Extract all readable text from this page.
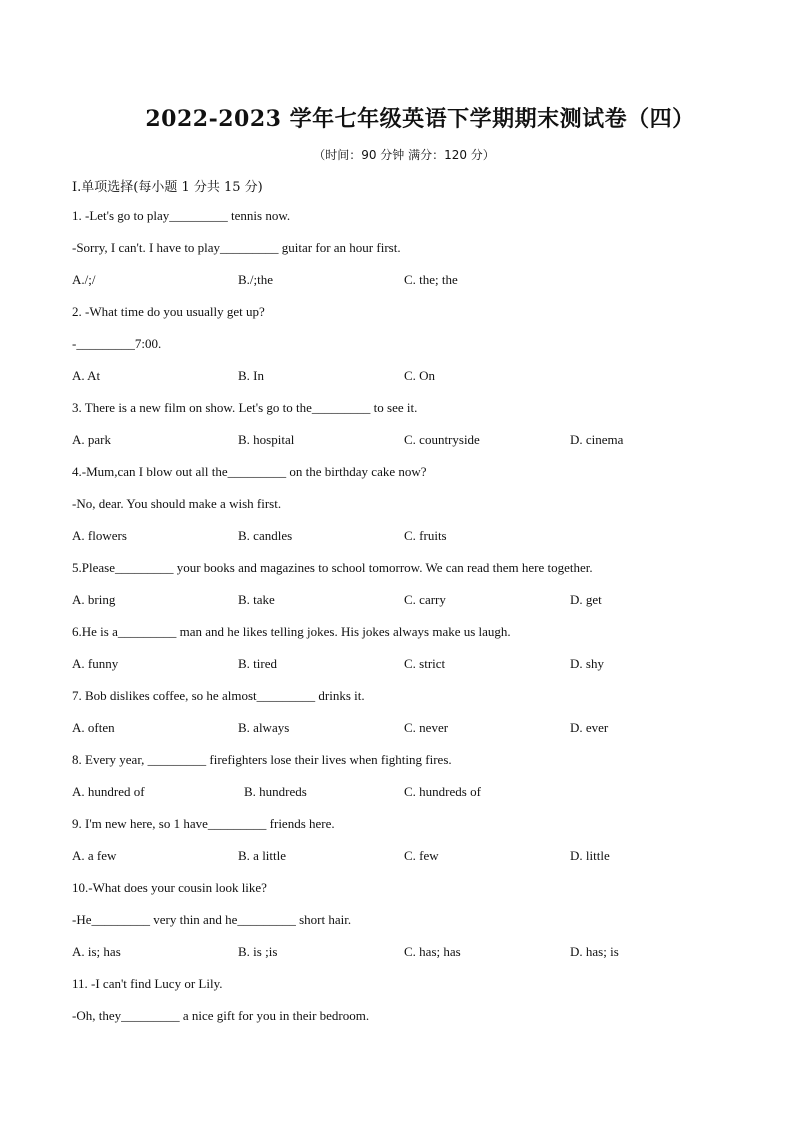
2022-2023 学年七年级英语下学期期末测试卷（四）
（时间：90 分钟 满分：120 分）
I.单项选择(每小题 1 分共 15 分)
1. -Let's go to play_________ tennis now.
-Sorry, I can't. I have to play_________ guitar for an hour first.
A./;/	B./;the	C. the; the
2. -What time do you usually get up?
-_________7:00.
A. At	B. In	C. On
3. There is a new film on show. Let's go to the_________ to see it.
A. park	B. hospital	C. countryside	D. cinema
4.-Mum,can I blow out all the_________ on the birthday cake now?
-No, dear. You should make a wish first.
A. flowers	B. candles	C. fruits
5.Please_________ your books and magazines to school tomorrow. We can read them here together.
A. bring	B. take	C. carry	D. get
6.He is a_________ man and he likes telling jokes. His jokes always make us laugh.
A. funny	B. tired	C. strict	D. shy
7. Bob dislikes coffee, so he almost_________ drinks it.
A. often	B. always	C. never	D. ever
8. Every year, _________ firefighters lose their lives when fighting fires.
A. hundred of	B. hundreds	C. hundreds of
9. I'm new here, so 1 have_________ friends here.
A. a few	B. a little	C. few	D. little
10.-What does your cousin look like?
-He_________ very thin and he_________ short hair.
A. is; has	B. is ;is	C. has; has	D. has; is
11. -I can't find Lucy or Lily.
-Oh, they_________ a nice gift for you in their bedroom.
